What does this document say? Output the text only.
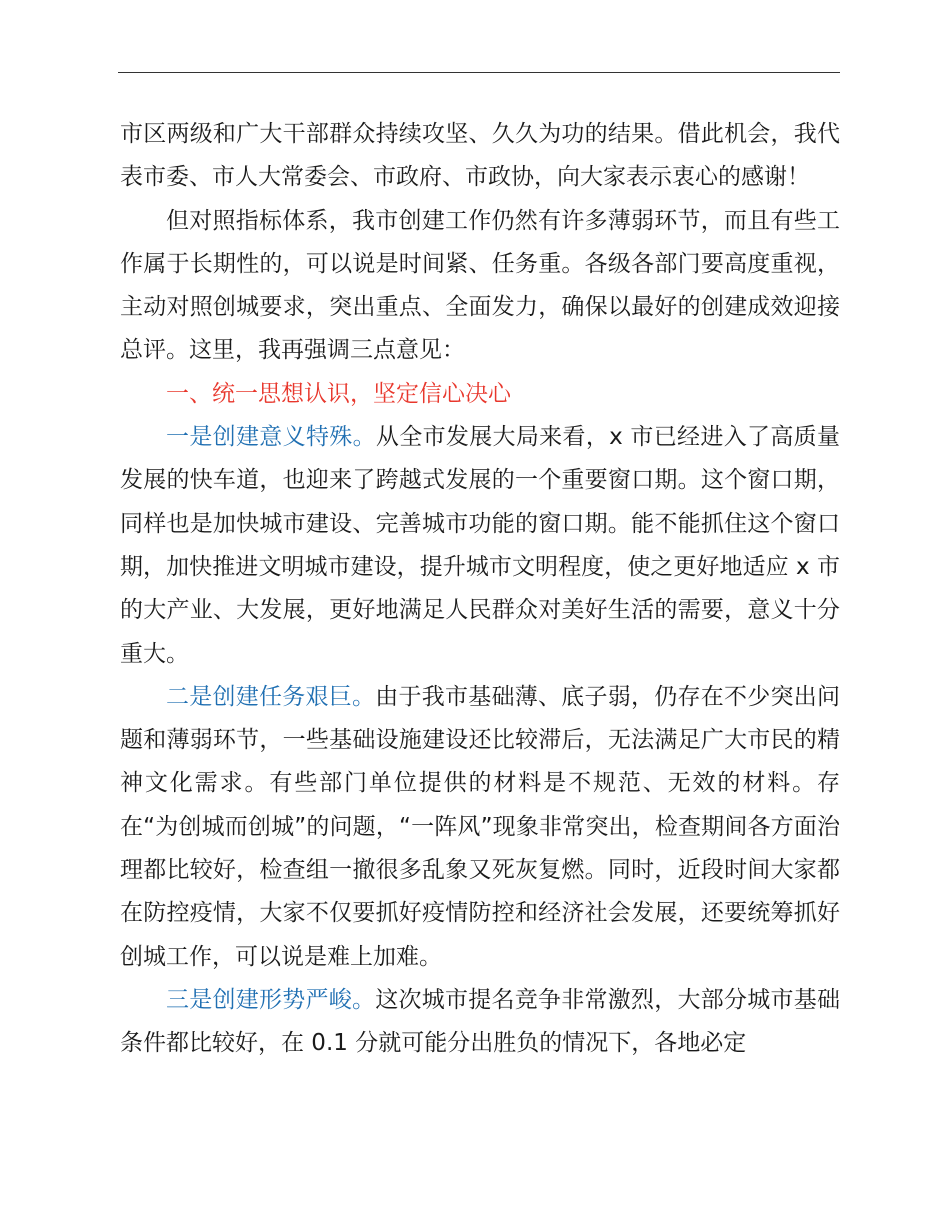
市区两级和广大干部群众持续攻坚、久久为功的结果。借此机会，我代表市委、市人大常委会、市政府、市政协，向大家表示衷心的感谢！

但对照指标体系，我市创建工作仍然有许多薄弱环节，而且有些工作属于长期性的，可以说是时间紧、任务重。各级各部门要高度重视，主动对照创城要求，突出重点、全面发力，确保以最好的创建成效迎接总评。这里，我再强调三点意见：

一、统一思想认识，坚定信心决心

一是创建意义特殊。从全市发展大局来看，x 市已经进入了高质量发展的快车道，也迎来了跨越式发展的一个重要窗口期。这个窗口期，同样也是加快城市建设、完善城市功能的窗口期。能不能抓住这个窗口期，加快推进文明城市建设，提升城市文明程度，使之更好地适应 x 市的大产业、大发展，更好地满足人民群众对美好生活的需要，意义十分重大。

二是创建任务艰巨。由于我市基础薄、底子弱，仍存在不少突出问题和薄弱环节，一些基础设施建设还比较滞后，无法满足广大市民的精神文化需求。有些部门单位提供的材料是不规范、无效的材料。存在“为创城而创城”的问题，“一阵风”现象非常突出，检查期间各方面治理都比较好，检查组一撤很多乱象又死灰复燃。同时，近段时间大家都在防控疫情，大家不仅要抓好疫情防控和经济社会发展，还要统筹抓好创城工作，可以说是难上加难。

三是创建形势严峻。这次城市提名竞争非常激烈，大部分城市基础条件都比较好，在 0.1 分就可能分出胜负的情况下，各地必定
